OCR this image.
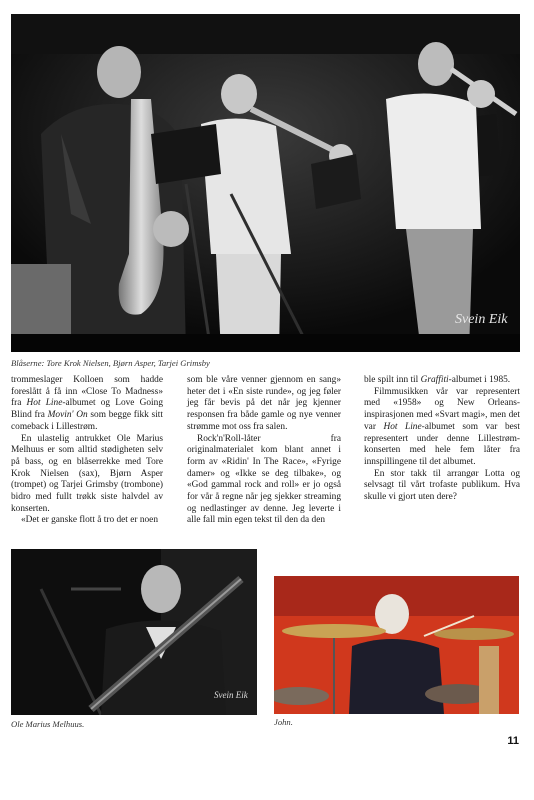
Svein Eik
Blåserne: Tore Krok Nielsen, Bjørn Asper, Tarjei Grimsby

trommeslager Kolloen som hadde foreslått å få inn «Close To Madness» fra Hot Line-albumet og Love Going Blind fra Movin' On som begge fikk sitt comeback i Lillestrøm.

En ulastelig antrukket Ole Marius Melhuus er som alltid stødigheten selv på bass, og en blåserrekke med Tore Krok Nielsen (sax), Bjørn Asper (trompet) og Tarjei Grimsby (trombone) bidro med fullt trøkk siste halvdel av konserten.

«Det er ganske flott å tro det er noen

som ble våre venner gjennom en sang» heter det i «En siste runde», og jeg føler jeg får bevis på det når jeg kjenner responsen fra både gamle og nye venner strømme mot oss fra salen.

Rock'n'Roll-låter fra originalmaterialet kom blant annet i form av «Ridin' In The Race», «Fyrige damer» og «Ikke se deg tilbake», og «God gammal rock and roll» er jo også for vår å regne når jeg sjekker streaming og nedlastinger av denne. Jeg leverte i alle fall min egen tekst til den da den

ble spilt inn til Graffiti-albumet i 1985.

Filmmusikken vår var representert med «1958» og New Orleans-inspirasjonen med «Svart magi», men det var Hot Line-albumet som var best representert under denne Lillestrøm-konserten med hele fem låter fra innspillingene til det albumet.

En stor takk til arrangør Lotta og selvsagt til vårt trofaste publikum. Hva skulle vi gjort uten dere?

Svein Eik
Ole Marius Melhuus.	John.
11
